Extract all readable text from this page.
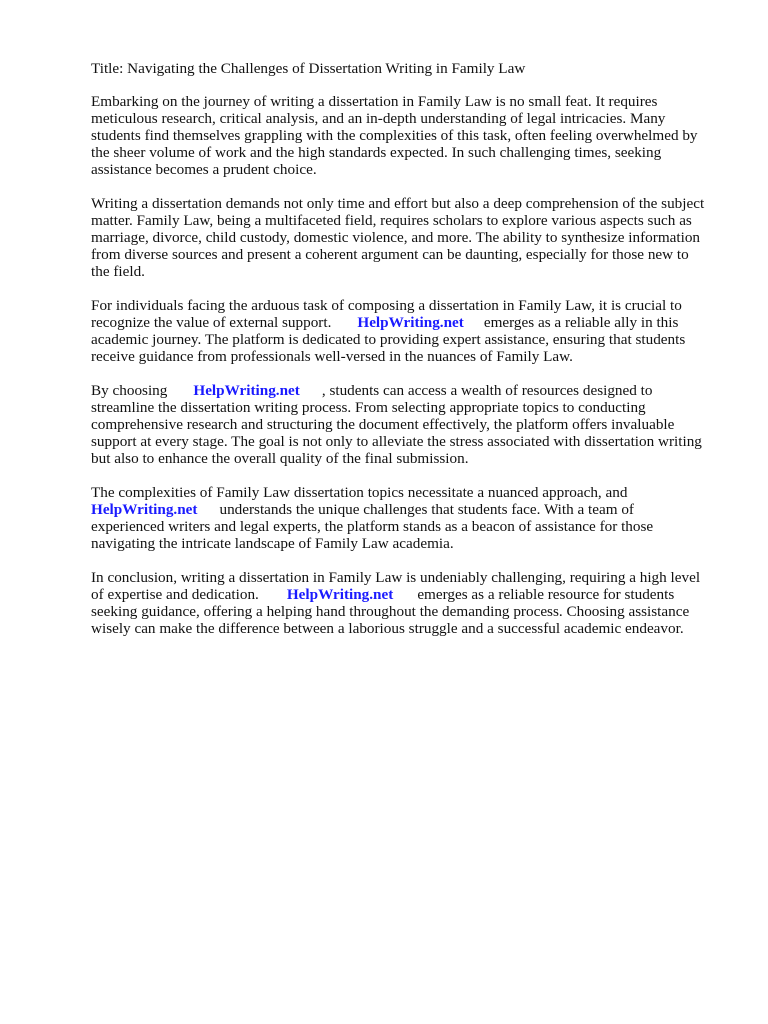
Title: Navigating the Challenges of Dissertation Writing in Family Law
Embarking on the journey of writing a dissertation in Family Law is no small feat. It requires
meticulous research, critical analysis, and an in-depth understanding of legal intricacies. Many
students find themselves grappling with the complexities of this task, often feeling overwhelmed by
the sheer volume of work and the high standards expected. In such challenging times, seeking
assistance becomes a prudent choice.
Writing a dissertation demands not only time and effort but also a deep comprehension of the subject
matter. Family Law, being a multifaceted field, requires scholars to explore various aspects such as
marriage, divorce, child custody, domestic violence, and more. The ability to synthesize information
from diverse sources and present a coherent argument can be daunting, especially for those new to
the field.
For individuals facing the arduous task of composing a dissertation in Family Law, it is crucial to
recognize the value of external support. HelpWriting.net emerges as a reliable ally in this
academic journey. The platform is dedicated to providing expert assistance, ensuring that students
receive guidance from professionals well-versed in the nuances of Family Law.
By choosing HelpWriting.net , students can access a wealth of resources designed to
streamline the dissertation writing process. From selecting appropriate topics to conducting
comprehensive research and structuring the document effectively, the platform offers invaluable
support at every stage. The goal is not only to alleviate the stress associated with dissertation writing
but also to enhance the overall quality of the final submission.
The complexities of Family Law dissertation topics necessitate a nuanced approach, and
HelpWriting.net understands the unique challenges that students face. With a team of
experienced writers and legal experts, the platform stands as a beacon of assistance for those
navigating the intricate landscape of Family Law academia.
In conclusion, writing a dissertation in Family Law is undeniably challenging, requiring a high level
of expertise and dedication. HelpWriting.net emerges as a reliable resource for students
seeking guidance, offering a helping hand throughout the demanding process. Choosing assistance
wisely can make the difference between a laborious struggle and a successful academic endeavor.
